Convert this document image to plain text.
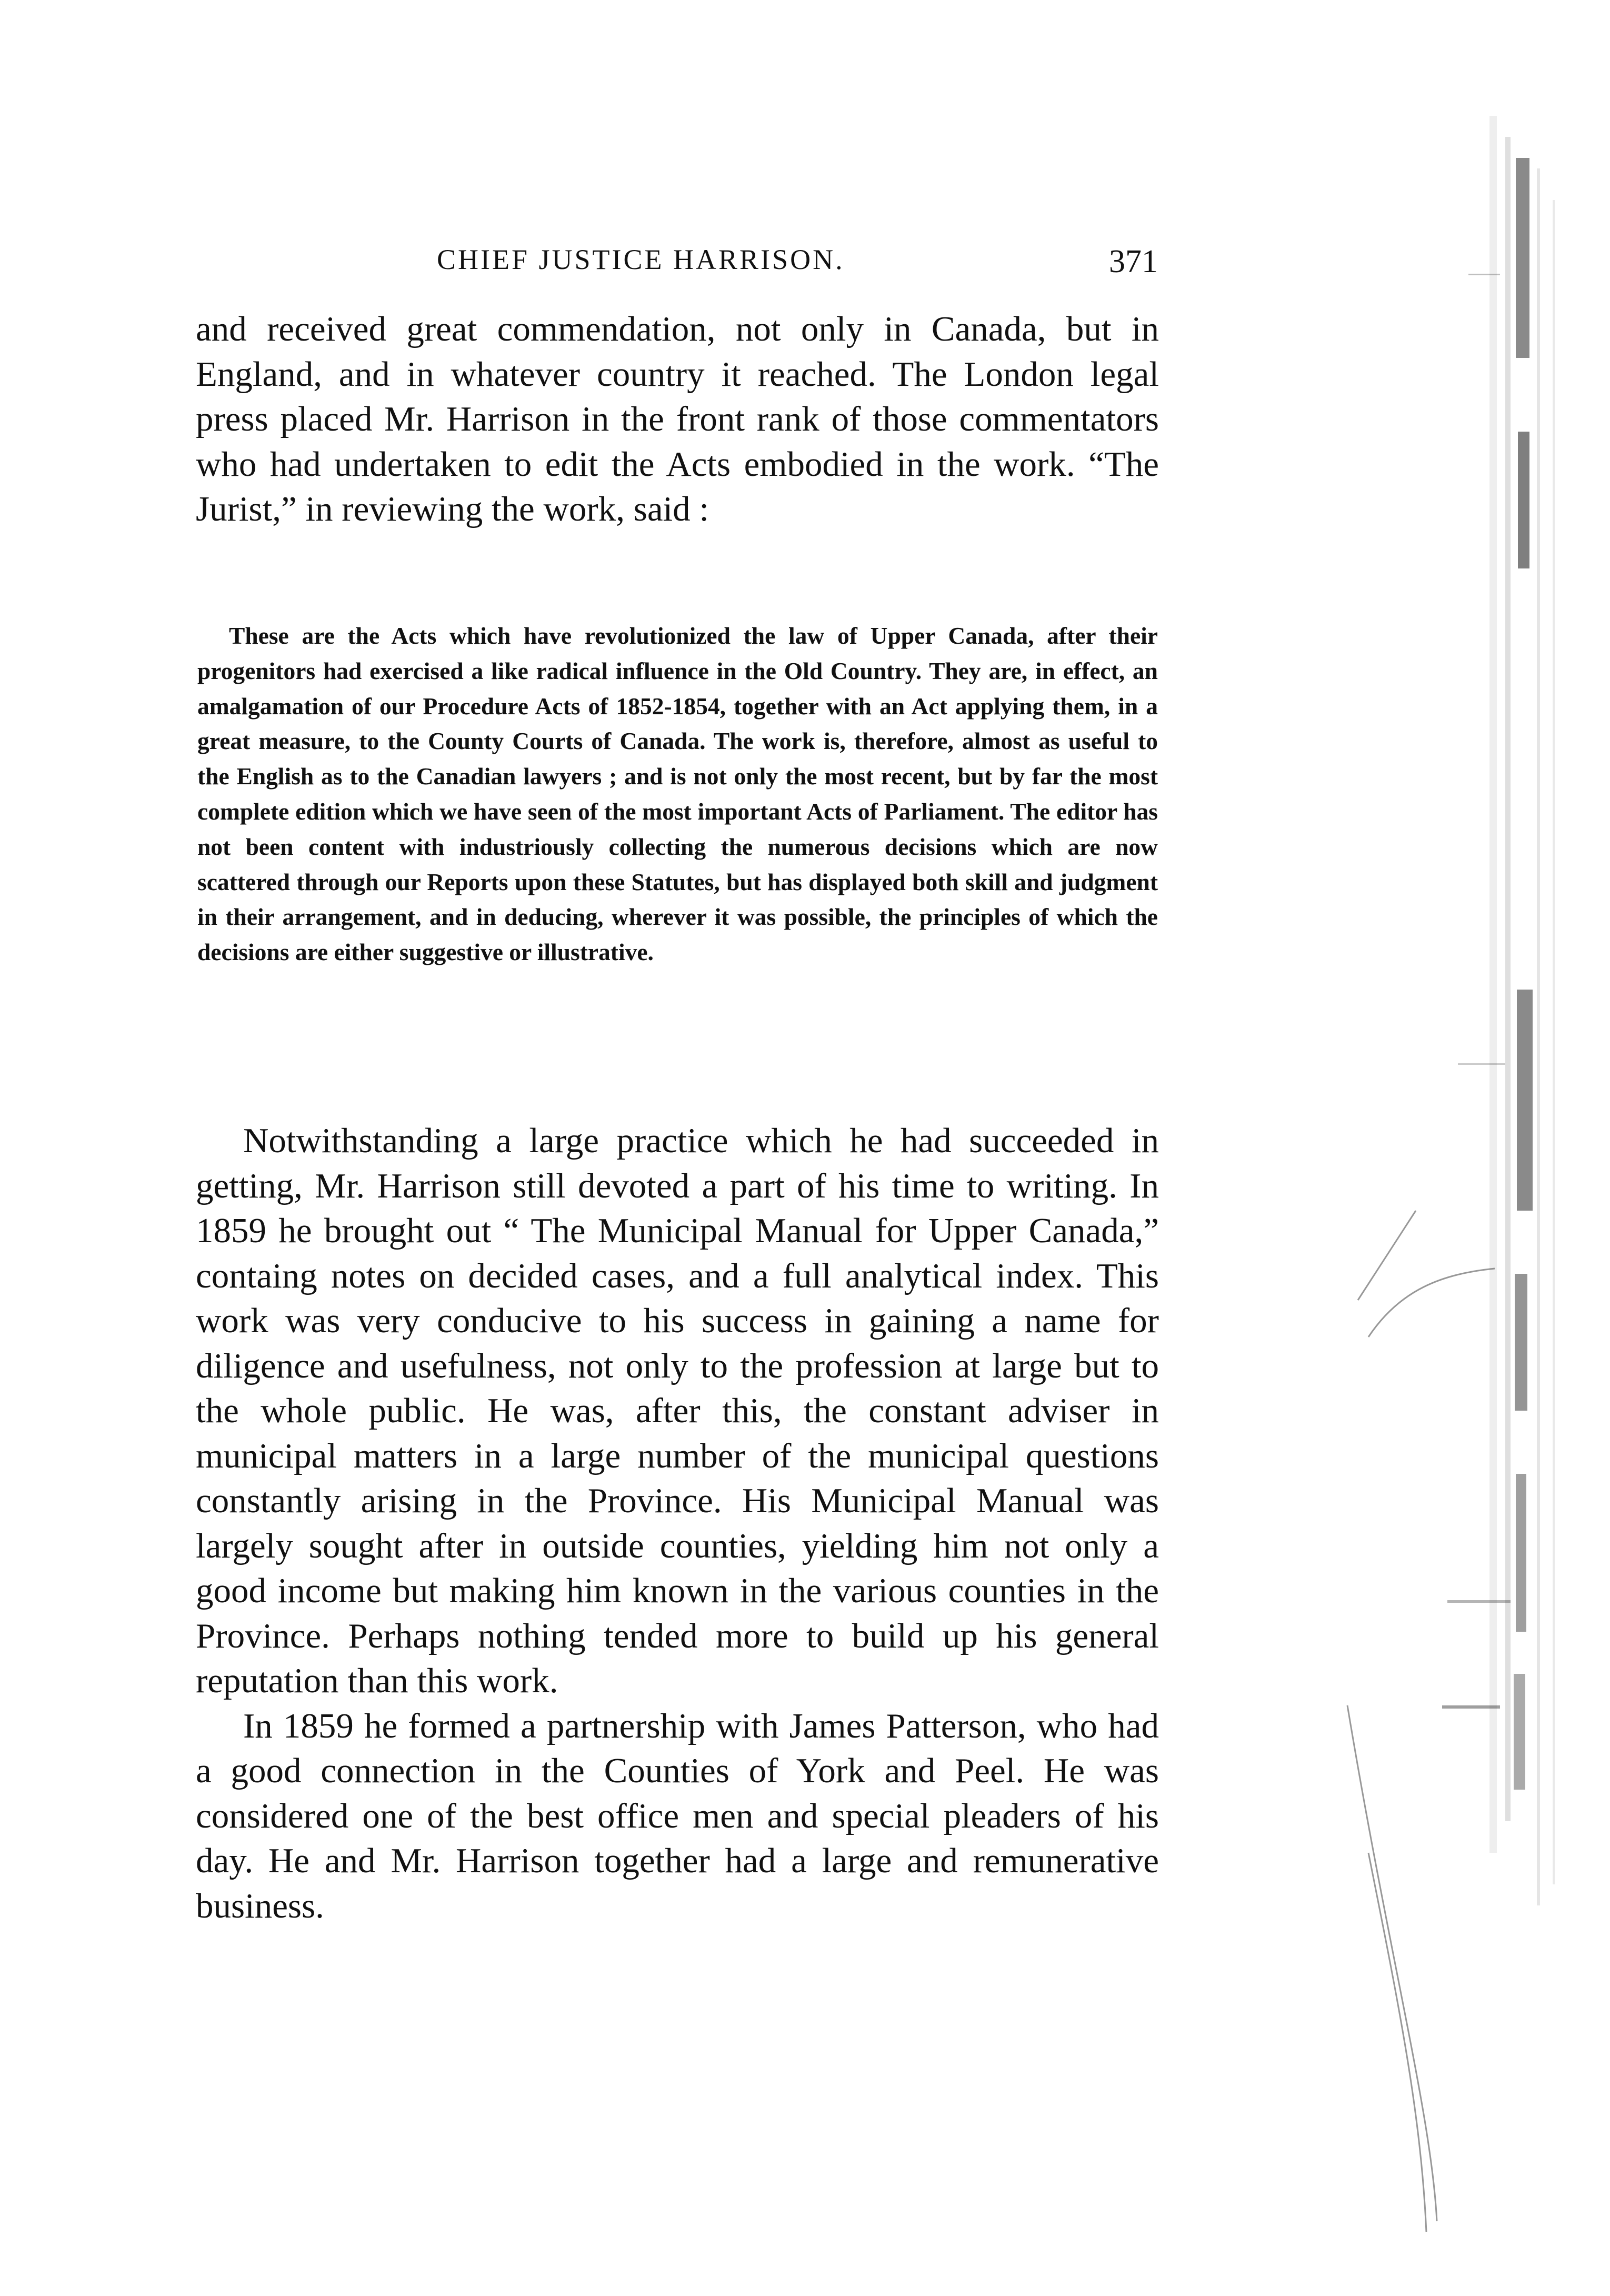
CHIEF JUSTICE HARRISON.	371

and received great commendation, not only in Canada, but in England, and in whatever country it reached. The London legal press placed Mr. Harrison in the front rank of those commentators who had undertaken to edit the Acts embodied in the work. “The Jurist,” in reviewing the work, said :

These are the Acts which have revolutionized the law of Upper Canada, after their progenitors had exercised a like radical influence in the Old Country. They are, in effect, an amalgamation of our Procedure Acts of 1852-1854, together with an Act applying them, in a great measure, to the County Courts of Canada. The work is, therefore, almost as useful to the English as to the Canadian lawyers ; and is not only the most recent, but by far the most complete edition which we have seen of the most important Acts of Parliament. The editor has not been content with industriously collecting the numerous decisions which are now scattered through our Reports upon these Statutes, but has displayed both skill and judgment in their arrangement, and in deducing, wherever it was possible, the principles of which the decisions are either suggestive or illustrative.

Notwithstanding a large practice which he had succeeded in getting, Mr. Harrison still devoted a part of his time to writing. In 1859 he brought out “ The Municipal Manual for Upper Canada,” containg notes on decided cases, and a full analytical index. This work was very conducive to his success in gaining a name for diligence and usefulness, not only to the profession at large but to the whole public. He was, after this, the constant adviser in municipal matters in a large number of the municipal questions constantly arising in the Province. His Municipal Manual was largely sought after in outside counties, yielding him not only a good income but making him known in the various counties in the Province. Perhaps nothing tended more to build up his general reputation than this work.

In 1859 he formed a partnership with James Patterson, who had a good connection in the Counties of York and Peel. He was considered one of the best office men and special pleaders of his day. He and Mr. Harrison together had a large and remunerative business.
